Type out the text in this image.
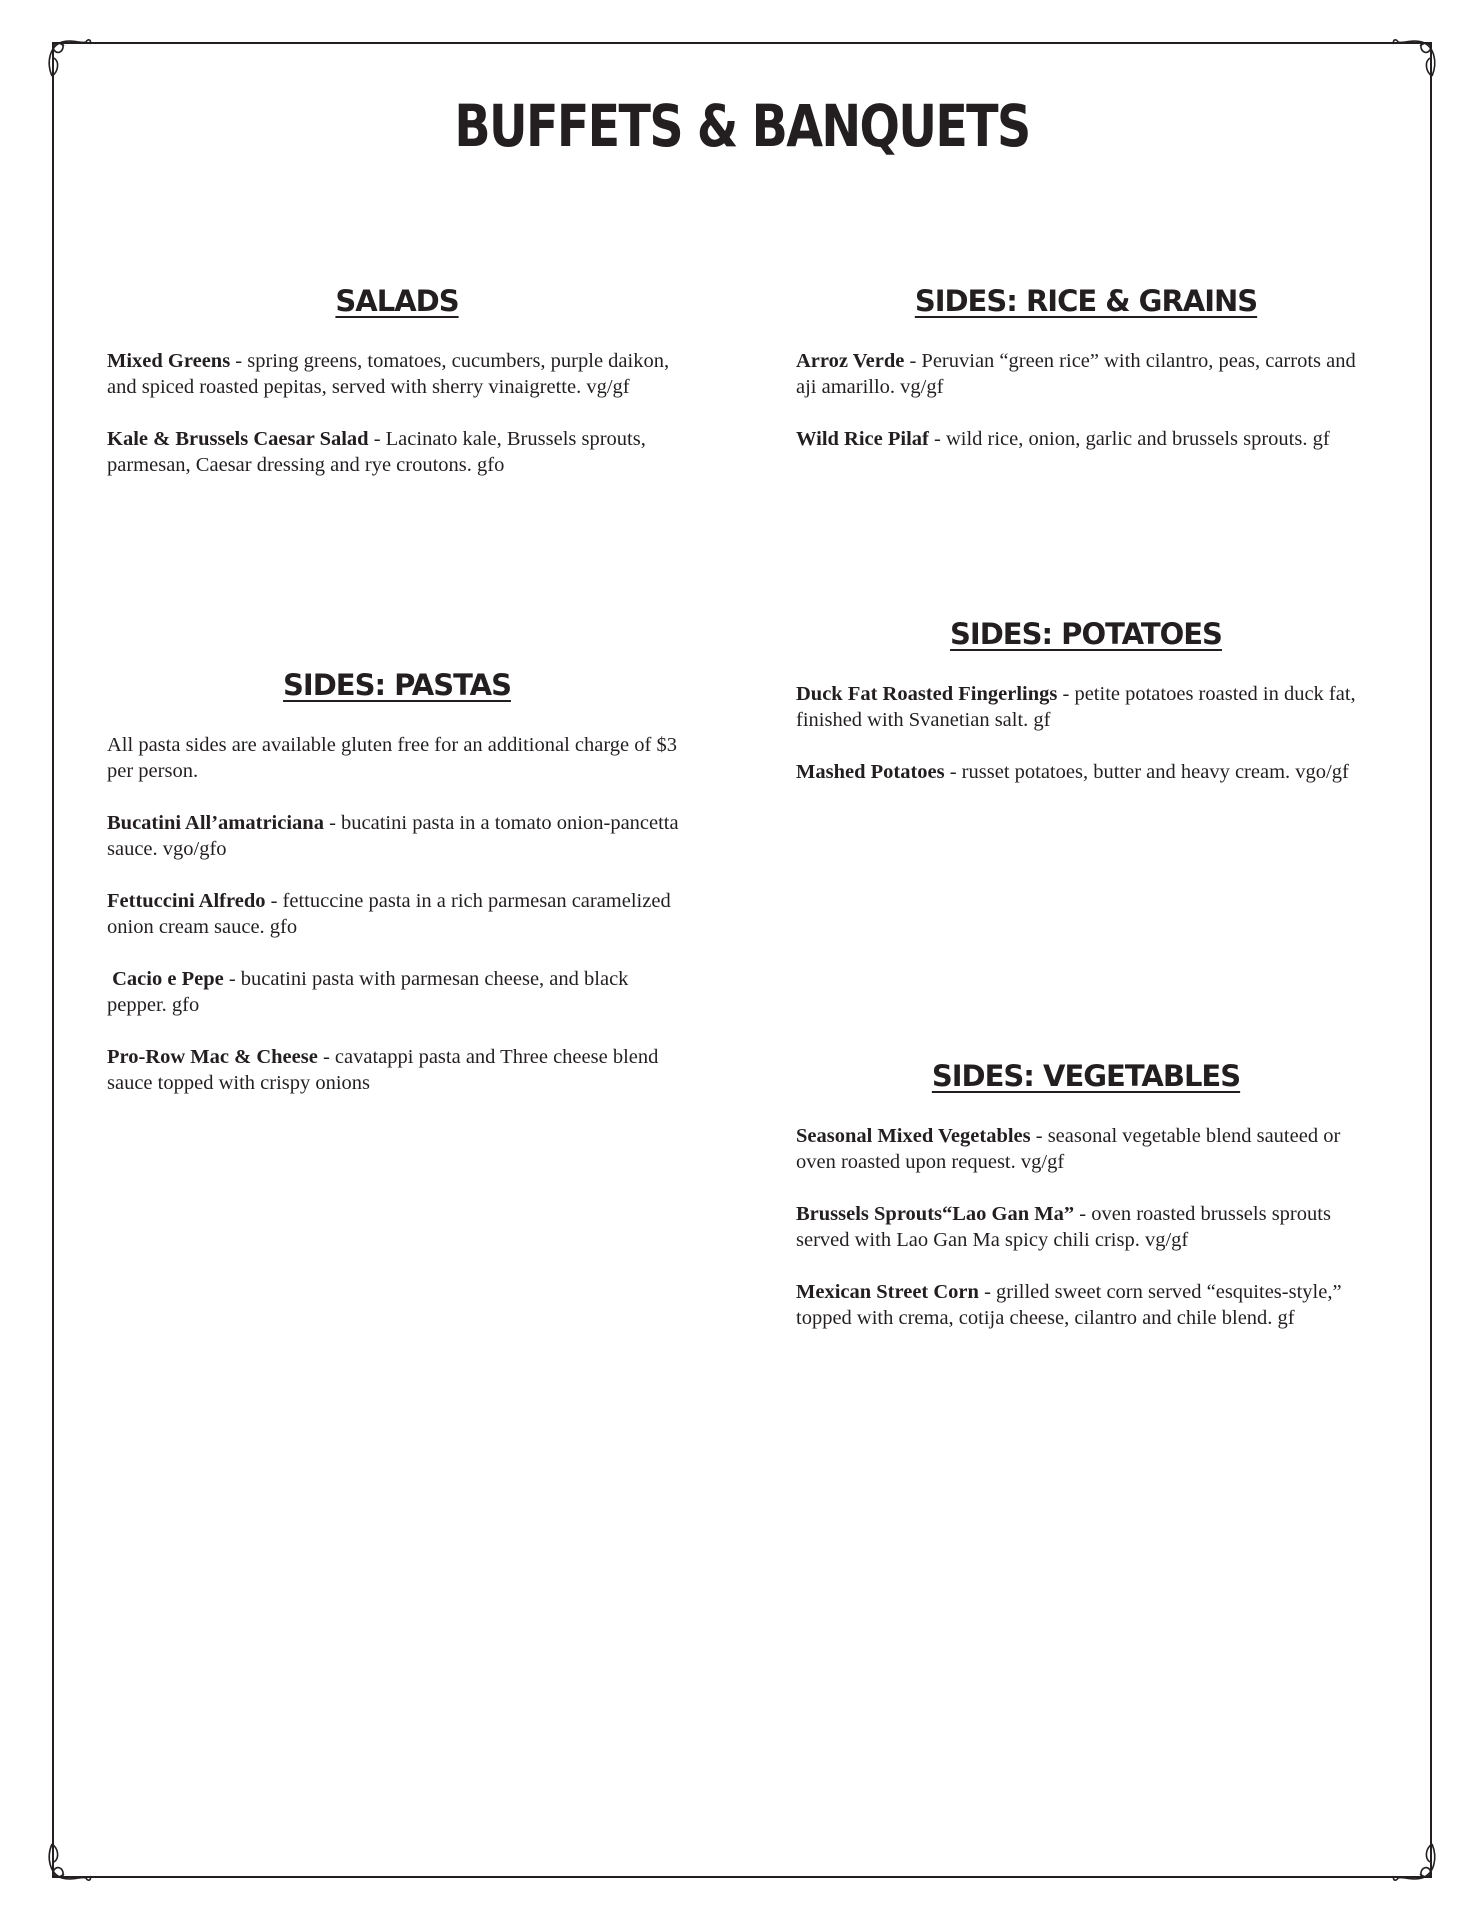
BUFFETS & BANQUETS
SALADS

Mixed Greens - spring greens, tomatoes, cucumbers, purple daikon, and spiced roasted pepitas, served with sherry vinaigrette. vg/gf

Kale & Brussels Caesar Salad - Lacinato kale, Brussels sprouts, parmesan, Caesar dressing and rye croutons. gfo

SIDES: PASTAS

All pasta sides are available gluten free for an additional charge of $3 per person.

Bucatini All’amatriciana - bucatini pasta in a tomato onion-pancetta sauce. vgo/gfo

Fettuccini Alfredo - fettuccine pasta in a rich parmesan caramelized onion cream sauce. gfo

Cacio e Pepe - bucatini pasta with parmesan cheese, and black pepper. gfo

Pro-Row Mac & Cheese - cavatappi pasta and Three cheese blend sauce topped with crispy onions

SIDES: RICE & GRAINS

Arroz Verde - Peruvian “green rice” with cilantro, peas, carrots and aji amarillo. vg/gf

Wild Rice Pilaf - wild rice, onion, garlic and brussels sprouts. gf

SIDES: POTATOES

Duck Fat Roasted Fingerlings - petite potatoes roasted in duck fat, finished with Svanetian salt. gf

Mashed Potatoes - russet potatoes, butter and heavy cream. vgo/gf

SIDES: VEGETABLES

Seasonal Mixed Vegetables - seasonal vegetable blend sauteed or oven roasted upon request. vg/gf

Brussels Sprouts“Lao Gan Ma” - oven roasted brussels sprouts served with Lao Gan Ma spicy chili crisp. vg/gf

Mexican Street Corn - grilled sweet corn served “esquites-style,” topped with crema, cotija cheese, cilantro and chile blend. gf
